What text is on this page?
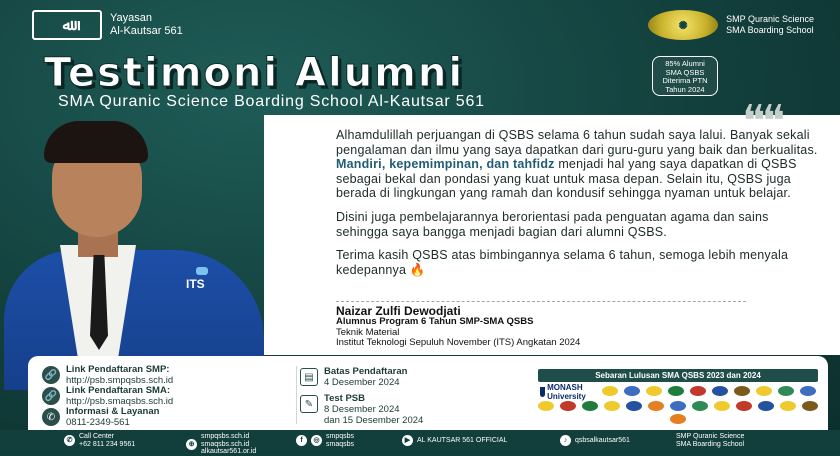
ﷲ	Yayasan
Al-Kautsar 561	✺
SMP Quranic Science
SMA Boarding School
Testimoni Alumni
SMA Quranic Science Boarding School Al-Kautsar 561
85% Alumni
SMA QSBS
Diterima PTN
Tahun 2024
ITS
❝❝

Alhamdulillah perjuangan di QSBS selama 6 tahun sudah saya lalui. Banyak sekali pengalaman dan ilmu yang saya dapatkan dari guru-guru yang baik dan berkualitas. Mandiri, kepemimpinan, dan tahfidz menjadi hal yang saya dapatkan di QSBS sebagai bekal dan pondasi yang kuat untuk masa depan. Selain itu, QSBS juga berada di lingkungan yang ramah dan kondusif sehingga nyaman untuk belajar.

Disini juga pembelajarannya berorientasi pada penguatan agama dan sains sehingga saya bangga menjadi bagian dari alumni QSBS.

Terima kasih QSBS atas bimbingannya selama 6 tahun, semoga lebih menyala kedepannya 🔥

Naizar Zulfi Dewodjati
Alumnus Program 6 Tahun SMP-SMA QSBS
Teknik Material
Institut Teknologi Sepuluh November (ITS) Angkatan 2024
🔗 Link Pendaftaran SMP:
http://psb.smpqsbs.sch.id
🔗 Link Pendaftaran SMA:
http://psb.smaqsbs.sch.id
✆	Informasi & Layanan
0811-2349-561
▤	Batas Pendaftaran
4 Desember 2024
✎	Test PSB
8 Desember 2024
dan 15 Desember 2024
Sebaran Lulusan SMA QSBS 2023 dan 2024
MONASH University
✆
Call Center
+62 811 234 9561	⊕
smpqsbs.sch.id
smaqsbs.sch.id
alkautsar561.or.id
f	◎
smpqsbs
smaqsbs
▶ AL KAUTSAR 561 OFFICIAL	♪	qsbsalkautsar561
SMP Quranic Science
SMA Boarding School
